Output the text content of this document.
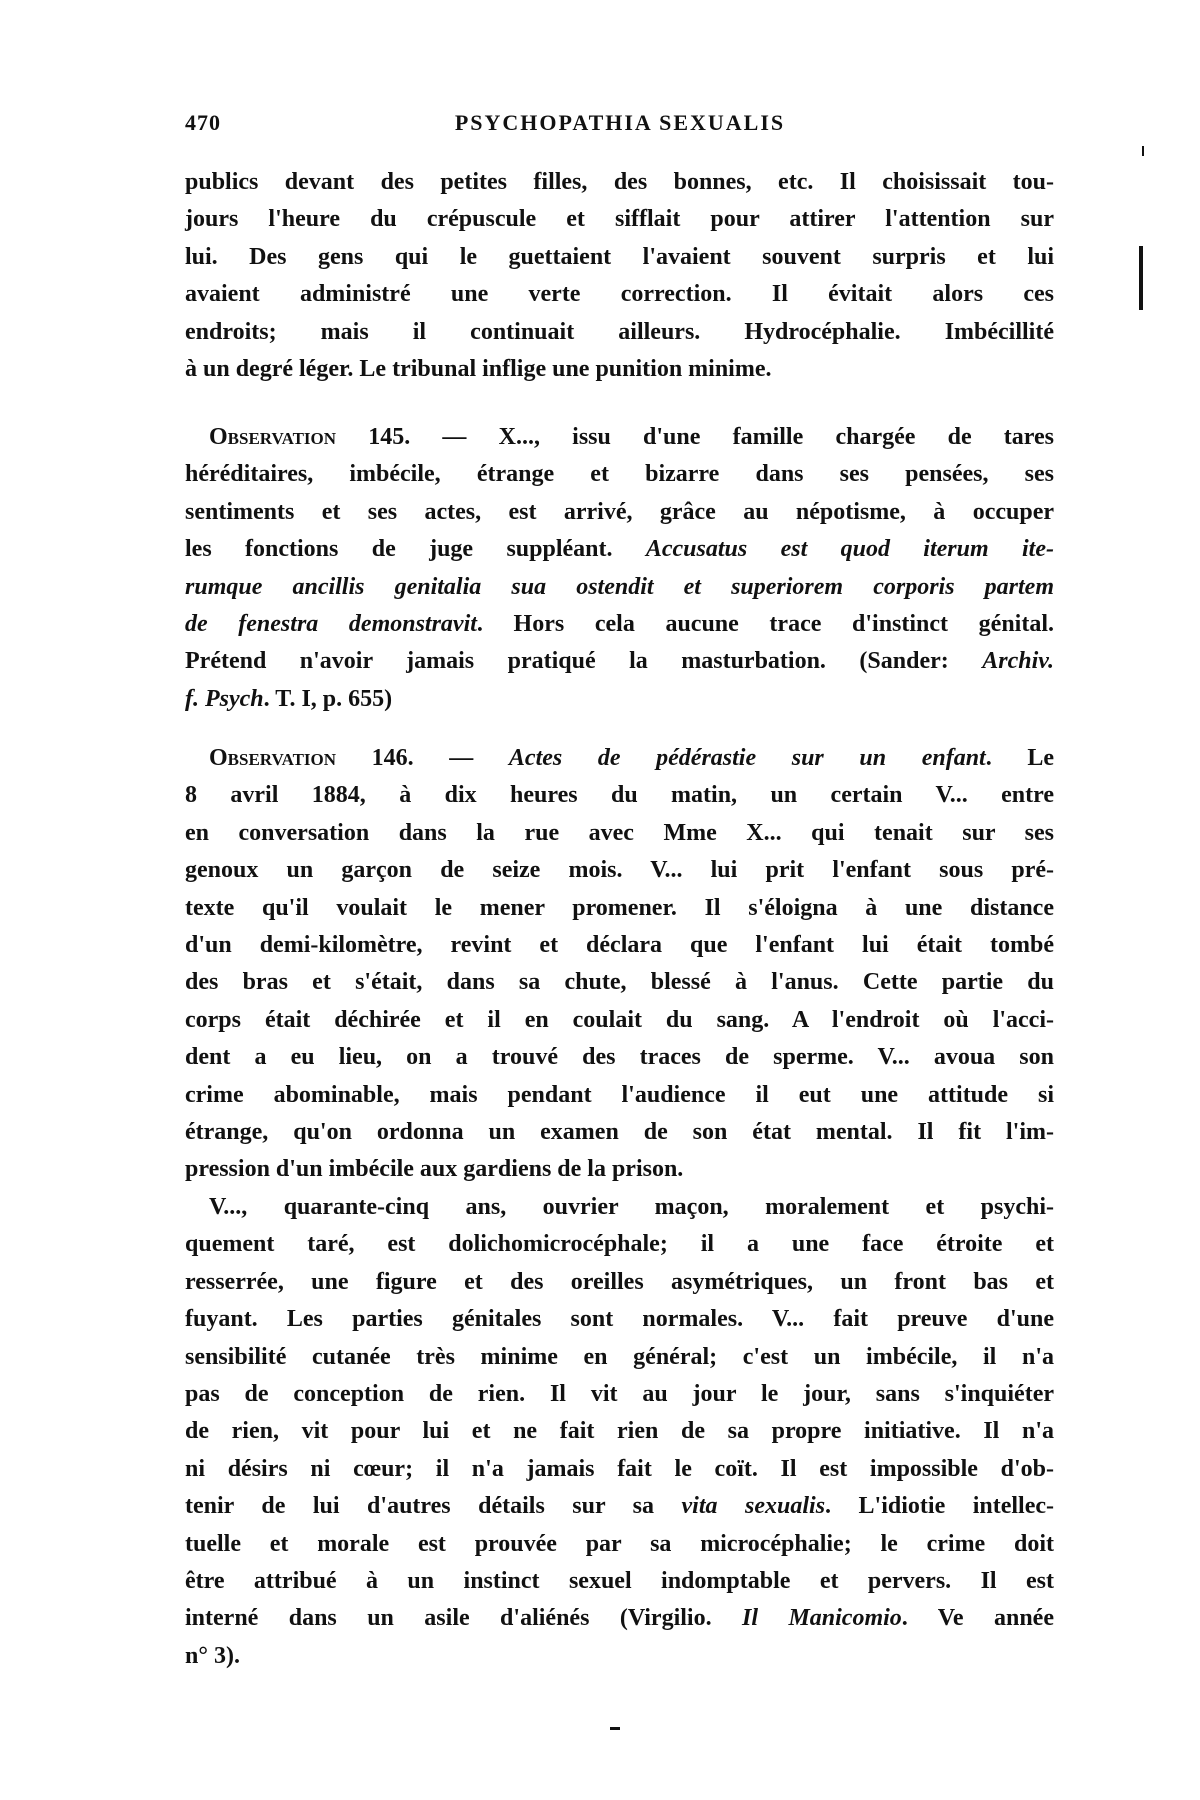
470	PSYCHOPATHIA SEXUALIS
publics devant des petites filles, des bonnes, etc. Il choisissait tou-
jours l'heure du crépuscule et sifflait pour attirer l'attention sur
lui. Des gens qui le guettaient l'avaient souvent surpris et lui
avaient administré une verte correction. Il évitait alors ces
endroits; mais il continuait ailleurs. Hydrocéphalie. Imbécillité
à un degré léger. Le tribunal inflige une punition minime.
Observation 145. — X..., issu d'une famille chargée de tares
héréditaires, imbécile, étrange et bizarre dans ses pensées, ses
sentiments et ses actes, est arrivé, grâce au népotisme, à occuper
les fonctions de juge suppléant. Accusatus est quod iterum ite-
rumque ancillis genitalia sua ostendit et superiorem corporis partem
de fenestra demonstravit. Hors cela aucune trace d'instinct génital.
Prétend n'avoir jamais pratiqué la masturbation. (Sander: Archiv.
f. Psych. T. I, p. 655)
Observation 146. — Actes de pédérastie sur un enfant. Le
8 avril 1884, à dix heures du matin, un certain V... entre
en conversation dans la rue avec Mme X... qui tenait sur ses
genoux un garçon de seize mois. V... lui prit l'enfant sous pré-
texte qu'il voulait le mener promener. Il s'éloigna à une distance
d'un demi-kilomètre, revint et déclara que l'enfant lui était tombé
des bras et s'était, dans sa chute, blessé à l'anus. Cette partie du
corps était déchirée et il en coulait du sang. A l'endroit où l'acci-
dent a eu lieu, on a trouvé des traces de sperme. V... avoua son
crime abominable, mais pendant l'audience il eut une attitude si
étrange, qu'on ordonna un examen de son état mental. Il fit l'im-
pression d'un imbécile aux gardiens de la prison.
V..., quarante-cinq ans, ouvrier maçon, moralement et psychi-
quement taré, est dolichomicrocéphale; il a une face étroite et
resserrée, une figure et des oreilles asymétriques, un front bas et
fuyant. Les parties génitales sont normales. V... fait preuve d'une
sensibilité cutanée très minime en général; c'est un imbécile, il n'a
pas de conception de rien. Il vit au jour le jour, sans s'inquiéter
de rien, vit pour lui et ne fait rien de sa propre initiative. Il n'a
ni désirs ni cœur; il n'a jamais fait le coït. Il est impossible d'ob-
tenir de lui d'autres détails sur sa vita sexualis. L'idiotie intellec-
tuelle et morale est prouvée par sa microcéphalie; le crime doit
être attribué à un instinct sexuel indomptable et pervers. Il est
interné dans un asile d'aliénés (Virgilio. Il Manicomio. Ve année
n° 3).
